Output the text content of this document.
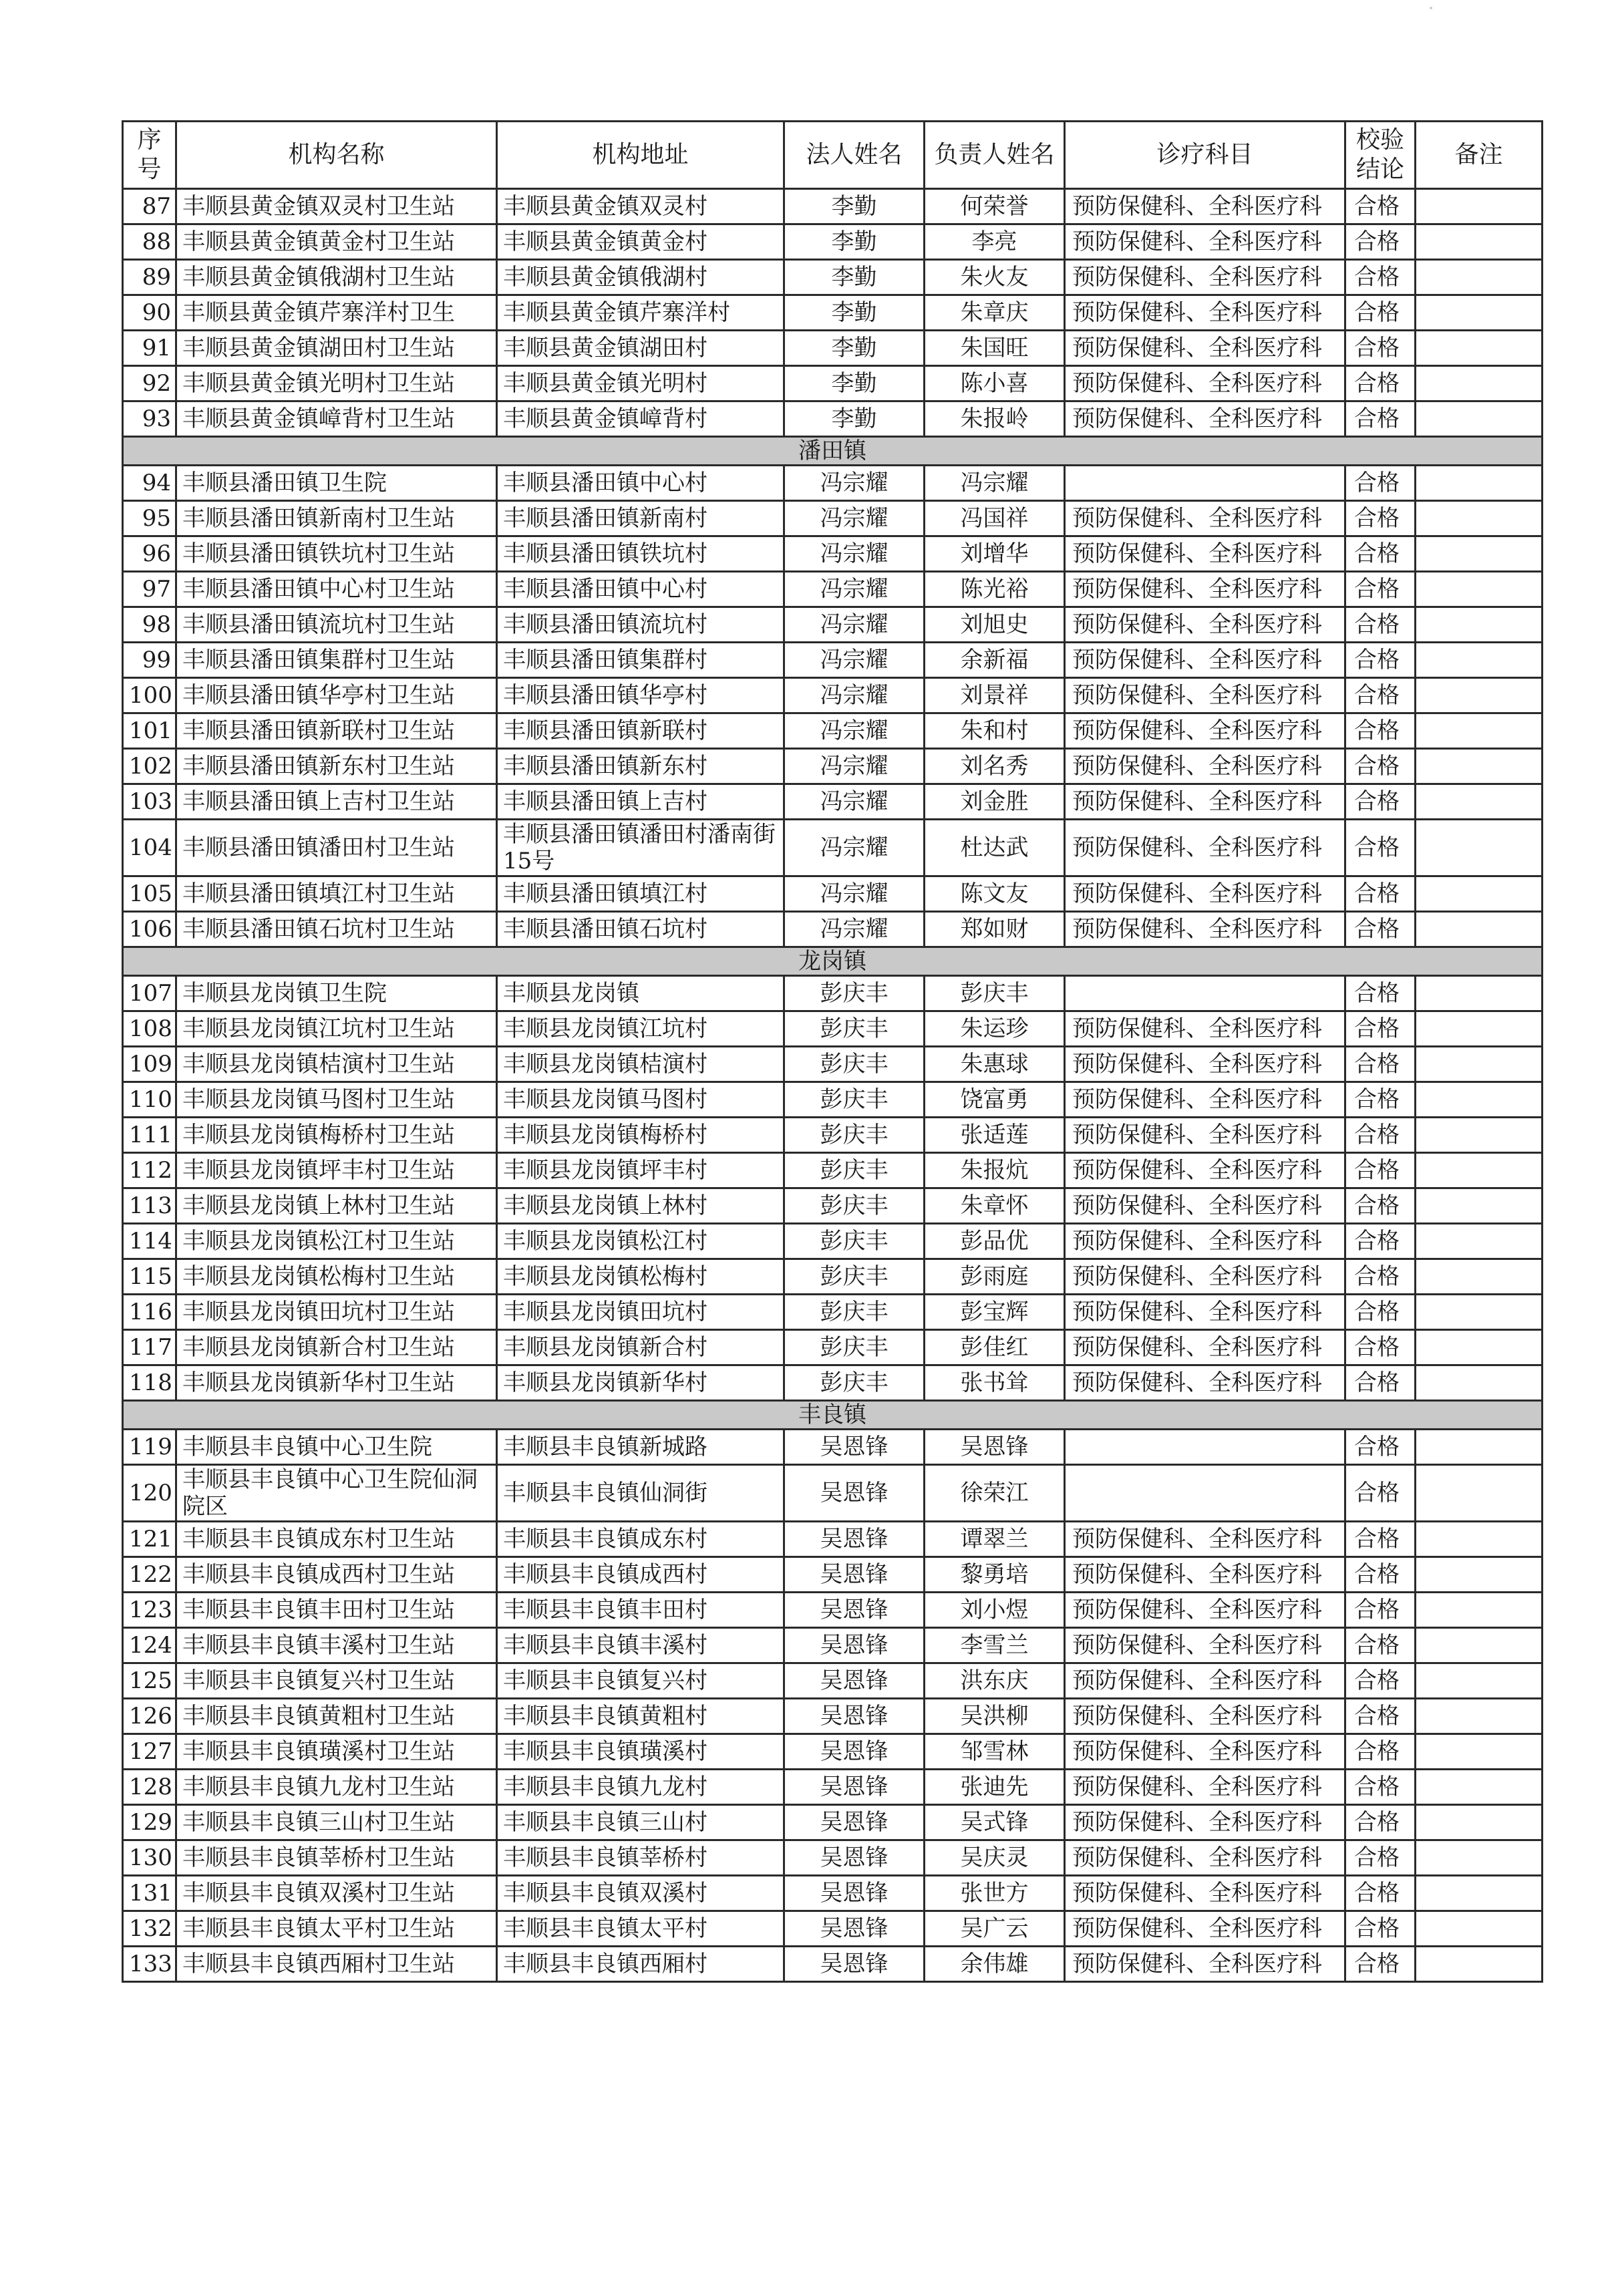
序号	机构名称	机构地址	法人姓名	负责人姓名	诊疗科目	校验结论	备注
87	丰顺县黄金镇双灵村卫生站	丰顺县黄金镇双灵村	李勤	何荣誉	预防保健科、全科医疗科	合格	
88	丰顺县黄金镇黄金村卫生站	丰顺县黄金镇黄金村	李勤	李亮	预防保健科、全科医疗科	合格	
89	丰顺县黄金镇俄湖村卫生站	丰顺县黄金镇俄湖村	李勤	朱火友	预防保健科、全科医疗科	合格	
90	丰顺县黄金镇芹寨洋村卫生	丰顺县黄金镇芹寨洋村	李勤	朱章庆	预防保健科、全科医疗科	合格	
91	丰顺县黄金镇湖田村卫生站	丰顺县黄金镇湖田村	李勤	朱国旺	预防保健科、全科医疗科	合格	
92	丰顺县黄金镇光明村卫生站	丰顺县黄金镇光明村	李勤	陈小喜	预防保健科、全科医疗科	合格	
93	丰顺县黄金镇嶂背村卫生站	丰顺县黄金镇嶂背村	李勤	朱报岭	预防保健科、全科医疗科	合格	
潘田镇							
94	丰顺县潘田镇卫生院	丰顺县潘田镇中心村	冯宗耀	冯宗耀		合格	
95	丰顺县潘田镇新南村卫生站	丰顺县潘田镇新南村	冯宗耀	冯国祥	预防保健科、全科医疗科	合格	
96	丰顺县潘田镇铁坑村卫生站	丰顺县潘田镇铁坑村	冯宗耀	刘增华	预防保健科、全科医疗科	合格	
97	丰顺县潘田镇中心村卫生站	丰顺县潘田镇中心村	冯宗耀	陈光裕	预防保健科、全科医疗科	合格	
98	丰顺县潘田镇流坑村卫生站	丰顺县潘田镇流坑村	冯宗耀	刘旭史	预防保健科、全科医疗科	合格	
99	丰顺县潘田镇集群村卫生站	丰顺县潘田镇集群村	冯宗耀	余新福	预防保健科、全科医疗科	合格	
100	丰顺县潘田镇华亭村卫生站	丰顺县潘田镇华亭村	冯宗耀	刘景祥	预防保健科、全科医疗科	合格	
101	丰顺县潘田镇新联村卫生站	丰顺县潘田镇新联村	冯宗耀	朱和村	预防保健科、全科医疗科	合格	
102	丰顺县潘田镇新东村卫生站	丰顺县潘田镇新东村	冯宗耀	刘名秀	预防保健科、全科医疗科	合格	
103	丰顺县潘田镇上吉村卫生站	丰顺县潘田镇上吉村	冯宗耀	刘金胜	预防保健科、全科医疗科	合格	
104	丰顺县潘田镇潘田村卫生站	丰顺县潘田镇潘田村潘南街15号	冯宗耀	杜达武	预防保健科、全科医疗科	合格	
105	丰顺县潘田镇填江村卫生站	丰顺县潘田镇填江村	冯宗耀	陈文友	预防保健科、全科医疗科	合格	
106	丰顺县潘田镇石坑村卫生站	丰顺县潘田镇石坑村	冯宗耀	郑如财	预防保健科、全科医疗科	合格	
龙岗镇							
107	丰顺县龙岗镇卫生院	丰顺县龙岗镇	彭庆丰	彭庆丰		合格	
108	丰顺县龙岗镇江坑村卫生站	丰顺县龙岗镇江坑村	彭庆丰	朱运珍	预防保健科、全科医疗科	合格	
109	丰顺县龙岗镇桔演村卫生站	丰顺县龙岗镇桔演村	彭庆丰	朱惠球	预防保健科、全科医疗科	合格	
110	丰顺县龙岗镇马图村卫生站	丰顺县龙岗镇马图村	彭庆丰	饶富勇	预防保健科、全科医疗科	合格	
111	丰顺县龙岗镇梅桥村卫生站	丰顺县龙岗镇梅桥村	彭庆丰	张适莲	预防保健科、全科医疗科	合格	
112	丰顺县龙岗镇坪丰村卫生站	丰顺县龙岗镇坪丰村	彭庆丰	朱报炕	预防保健科、全科医疗科	合格	
113	丰顺县龙岗镇上林村卫生站	丰顺县龙岗镇上林村	彭庆丰	朱章怀	预防保健科、全科医疗科	合格	
114	丰顺县龙岗镇松江村卫生站	丰顺县龙岗镇松江村	彭庆丰	彭品优	预防保健科、全科医疗科	合格	
115	丰顺县龙岗镇松梅村卫生站	丰顺县龙岗镇松梅村	彭庆丰	彭雨庭	预防保健科、全科医疗科	合格	
116	丰顺县龙岗镇田坑村卫生站	丰顺县龙岗镇田坑村	彭庆丰	彭宝辉	预防保健科、全科医疗科	合格	
117	丰顺县龙岗镇新合村卫生站	丰顺县龙岗镇新合村	彭庆丰	彭佳红	预防保健科、全科医疗科	合格	
118	丰顺县龙岗镇新华村卫生站	丰顺县龙岗镇新华村	彭庆丰	张书耸	预防保健科、全科医疗科	合格	
丰良镇							
119	丰顺县丰良镇中心卫生院	丰顺县丰良镇新城路	吴恩锋	吴恩锋		合格	
120	丰顺县丰良镇中心卫生院仙洞院区	丰顺县丰良镇仙洞街	吴恩锋	徐荣江		合格	
121	丰顺县丰良镇成东村卫生站	丰顺县丰良镇成东村	吴恩锋	谭翠兰	预防保健科、全科医疗科	合格	
122	丰顺县丰良镇成西村卫生站	丰顺县丰良镇成西村	吴恩锋	黎勇培	预防保健科、全科医疗科	合格	
123	丰顺县丰良镇丰田村卫生站	丰顺县丰良镇丰田村	吴恩锋	刘小煜	预防保健科、全科医疗科	合格	
124	丰顺县丰良镇丰溪村卫生站	丰顺县丰良镇丰溪村	吴恩锋	李雪兰	预防保健科、全科医疗科	合格	
125	丰顺县丰良镇复兴村卫生站	丰顺县丰良镇复兴村	吴恩锋	洪东庆	预防保健科、全科医疗科	合格	
126	丰顺县丰良镇黄粗村卫生站	丰顺县丰良镇黄粗村	吴恩锋	吴洪柳	预防保健科、全科医疗科	合格	
127	丰顺县丰良镇璜溪村卫生站	丰顺县丰良镇璜溪村	吴恩锋	邹雪林	预防保健科、全科医疗科	合格	
128	丰顺县丰良镇九龙村卫生站	丰顺县丰良镇九龙村	吴恩锋	张迪先	预防保健科、全科医疗科	合格	
129	丰顺县丰良镇三山村卫生站	丰顺县丰良镇三山村	吴恩锋	吴式锋	预防保健科、全科医疗科	合格	
130	丰顺县丰良镇莘桥村卫生站	丰顺县丰良镇莘桥村	吴恩锋	吴庆灵	预防保健科、全科医疗科	合格	
131	丰顺县丰良镇双溪村卫生站	丰顺县丰良镇双溪村	吴恩锋	张世方	预防保健科、全科医疗科	合格	
132	丰顺县丰良镇太平村卫生站	丰顺县丰良镇太平村	吴恩锋	吴广云	预防保健科、全科医疗科	合格	
133	丰顺县丰良镇西厢村卫生站	丰顺县丰良镇西厢村	吴恩锋	余伟雄	预防保健科、全科医疗科	合格	
